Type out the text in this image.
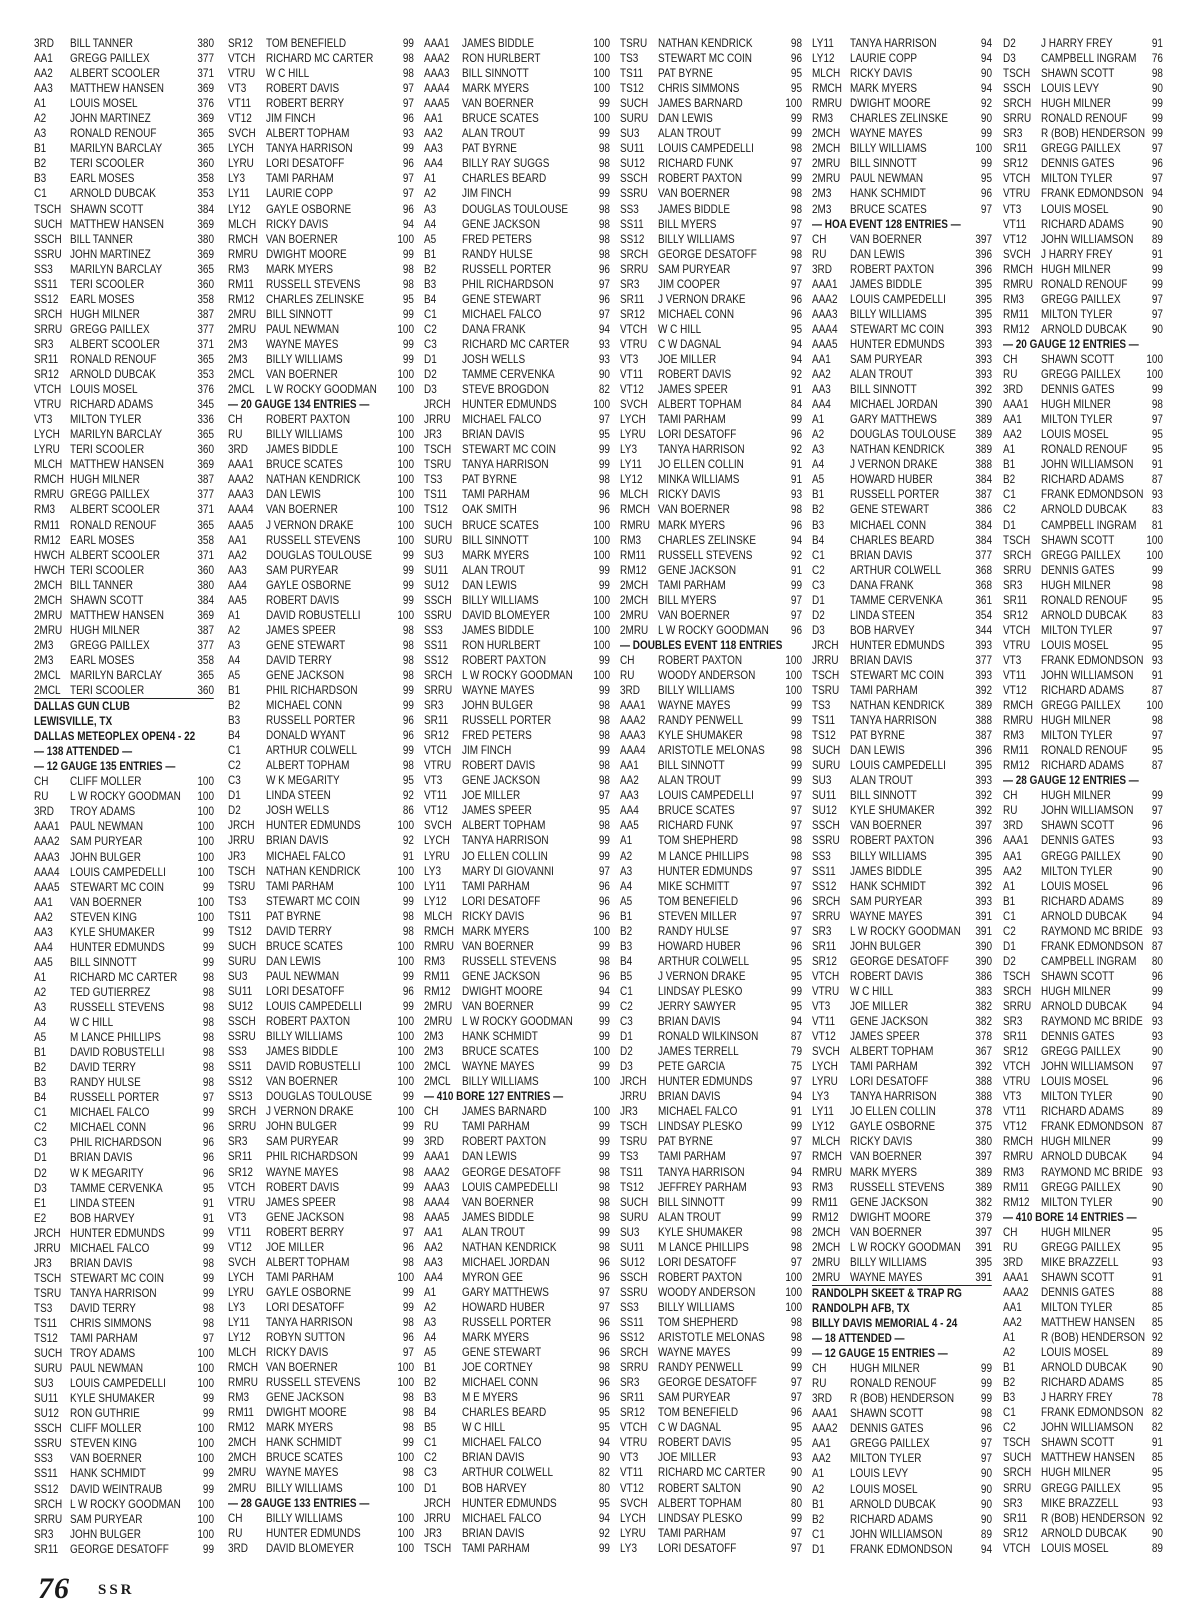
3RD	BILL TANNER	380
AA1	GREGG PAILLEX	377
AA2	ALBERT SCOOLER	371
AA3	MATTHEW HANSEN	369
A1	LOUIS MOSEL	376
A2	JOHN MARTINEZ	369
A3	RONALD RENOUF	365
B1	MARILYN BARCLAY	365
B2	TERI SCOOLER	360
B3	EARL MOSES	358
C1	ARNOLD DUBCAK	353
TSCH SHAWN SCOTT	384
SUCH MATTHEW HANSEN	369
SSCH BILL TANNER	380
SSRU JOHN MARTINEZ	369
SS3	MARILYN BARCLAY	365
SS11	TERI SCOOLER	360
SS12 EARL MOSES	358
SRCH HUGH MILNER	387
SRRU GREGG PAILLEX	377
SR3	ALBERT SCOOLER	371
SR11	RONALD RENOUF	365
SR12 ARNOLD DUBCAK	353
VTCH LOUIS MOSEL	376
VTRU RICHARD ADAMS	345
VT3	MILTON TYLER	336
LYCH MARILYN BARCLAY	365
LYRU TERI SCOOLER	360
MLCH MATTHEW HANSEN	369
RMCH HUGH MILNER	387
RMRU GREGG PAILLEX	377
RM3	ALBERT SCOOLER	371
RM11 RONALD RENOUF	365
RM12 EARL MOSES	358
HWCH ALBERT SCOOLER	371
HWCH TERI SCOOLER	360
2MCH BILL TANNER	380
2MCH SHAWN SCOTT	384
2MRU MATTHEW HANSEN	369
2MRU HUGH MILNER	387
2M3	GREGG PAILLEX	377
2M3	EARL MOSES	358
2MCL MARILYN BARCLAY	365
2MCL TERI SCOOLER	360
DALLAS GUN CLUB
LEWISVILLE, TX
DALLAS METEOPLEX OPEN4 - 22
— 138 ATTENDED —
— 12 GAUGE 135 ENTRIES —
CH	CLIFF MOLLER	100
RU	L W ROCKY GOODMAN	100
3RD	TROY ADAMS	100
AAA1 PAUL NEWMAN	100
AAA2 SAM PURYEAR	100
AAA3 JOHN BULGER	100
AAA4 LOUIS CAMPEDELLI	100
AAA5 STEWART MC COIN	99
AA1	VAN BOERNER	100
AA2	STEVEN KING	100
AA3	KYLE SHUMAKER	99
AA4	HUNTER EDMUNDS	99
AA5	BILL SINNOTT	99
A1	RICHARD MC CARTER	98
A2	TED GUTIERREZ	98
A3	RUSSELL STEVENS	98
A4	W C HILL	98
A5	M LANCE PHILLIPS	98
B1	DAVID ROBUSTELLI	98
B2	DAVID TERRY	98
B3	RANDY HULSE	98
B4	RUSSELL PORTER	97
C1	MICHAEL FALCO	99
C2	MICHAEL CONN	96
C3	PHIL RICHARDSON	96
D1	BRIAN DAVIS	96
D2	W K MEGARITY	96
D3	TAMME CERVENKA	95
E1	LINDA STEEN	91
E2	BOB HARVEY	91
JRCH HUNTER EDMUNDS	99
JRRU MICHAEL FALCO	99
JR3	BRIAN DAVIS	98
TSCH STEWART MC COIN	99
TSRU TANYA HARRISON	99
TS3	DAVID TERRY	98
TS11	CHRIS SIMMONS	98
TS12	TAMI PARHAM	97
SUCH TROY ADAMS	100
SURU PAUL NEWMAN	100
SU3	LOUIS CAMPEDELLI	100
SU11	KYLE SHUMAKER	99
SU12 RON GUTHRIE	99
SSCH CLIFF MOLLER	100
SSRU STEVEN KING	100
SS3	VAN BOERNER	100
SS11	HANK SCHMIDT	99
SS12 DAVID WEINTRAUB	99
SRCH L W ROCKY GOODMAN	100
SRRU SAM PURYEAR	100
SR3	JOHN BULGER	100
SR11	GEORGE DESATOFF	99
SR12	TOM BENEFIELD	99
VTCH RICHARD MC CARTER	98
VTRU W C HILL	98
VT3	ROBERT DAVIS	97
VT11	ROBERT BERRY	97
VT12	JIM FINCH	96
SVCH ALBERT TOPHAM	93
LYCH	TANYA HARRISON	99
LYRU	LORI DESATOFF	96
LY3	TAMI PARHAM	97
LY11	LAURIE COPP	97
LY12	GAYLE OSBORNE	96
MLCH RICKY DAVIS	94
RMCH VAN BOERNER	100
RMRU DWIGHT MOORE	99
RM3	MARK MYERS	98
RM11	RUSSELL STEVENS	98
RM12 CHARLES ZELINSKE	95
2MRU BILL SINNOTT	99
2MRU PAUL NEWMAN	100
2M3	WAYNE MAYES	99
2M3	BILLY WILLIAMS	99
2MCL VAN BOERNER	100
2MCL L W ROCKY GOODMAN	100
— 20 GAUGE 134 ENTRIES —
CH	ROBERT PAXTON	100
RU	BILLY WILLIAMS	100
3RD	JAMES BIDDLE	100
AAA1	BRUCE SCATES	100
AAA2	NATHAN KENDRICK	100
AAA3	DAN LEWIS	100
AAA4	VAN BOERNER	100
AAA5	J VERNON DRAKE	100
AA1	RUSSELL STEVENS	100
AA2	DOUGLAS TOULOUSE	99
AA3	SAM PURYEAR	99
AA4	GAYLE OSBORNE	99
AA5	ROBERT DAVIS	99
A1	DAVID ROBUSTELLI	100
A2	JAMES SPEER	98
A3	GENE STEWART	98
A4	DAVID TERRY	98
A5	GENE JACKSON	98
B1	PHIL RICHARDSON	99
B2	MICHAEL CONN	99
B3	RUSSELL PORTER	96
B4	DONALD WYANT	96
C1	ARTHUR COLWELL	99
C2	ALBERT TOPHAM	98
C3	W K MEGARITY	95
D1	LINDA STEEN	92
D2	JOSH WELLS	86
JRCH HUNTER EDMUNDS	100
JRRU BRIAN DAVIS	92
JR3	MICHAEL FALCO	91
TSCH NATHAN KENDRICK	100
TSRU TAMI PARHAM	100
TS3	STEWART MC COIN	99
TS11	PAT BYRNE	98
TS12	DAVID TERRY	98
SUCH BRUCE SCATES	100
SURU DAN LEWIS	100
SU3	PAUL NEWMAN	99
SU11	LORI DESATOFF	96
SU12	LOUIS CAMPEDELLI	99
SSCH ROBERT PAXTON	100
SSRU BILLY WILLIAMS	100
SS3	JAMES BIDDLE	100
SS11	DAVID ROBUSTELLI	100
SS12	VAN BOERNER	100
SS13	DOUGLAS TOULOUSE	99
SRCH J VERNON DRAKE	100
SRRU JOHN BULGER	99
SR3	SAM PURYEAR	99
SR11	PHIL RICHARDSON	99
SR12	WAYNE MAYES	98
VTCH ROBERT DAVIS	99
VTRU JAMES SPEER	98
VT3	GENE JACKSON	98
VT11	ROBERT BERRY	97
VT12	JOE MILLER	96
SVCH ALBERT TOPHAM	98
LYCH	TAMI PARHAM	100
LYRU	GAYLE OSBORNE	99
LY3	LORI DESATOFF	99
LY11	TANYA HARRISON	98
LY12	ROBYN SUTTON	96
MLCH RICKY DAVIS	97
RMCH VAN BOERNER	100
RMRU RUSSELL STEVENS	100
RM3	GENE JACKSON	98
RM11	DWIGHT MOORE	98
RM12 MARK MYERS	98
2MCH HANK SCHMIDT	99
2MCH BRUCE SCATES	100
2MRU WAYNE MAYES	98
2MRU BILLY WILLIAMS	100
— 28 GAUGE 133 ENTRIES —
CH	BILLY WILLIAMS	100
RU	HUNTER EDMUNDS	100
3RD	DAVID BLOMEYER	100
AAA1	JAMES BIDDLE	100
AAA2	RON HURLBERT	100
AAA3	BILL SINNOTT	100
AAA4	MARK MYERS	100
AAA5	VAN BOERNER	99
AA1	BRUCE SCATES	100
AA2	ALAN TROUT	99
AA3	PAT BYRNE	98
AA4	BILLY RAY SUGGS	98
A1	CHARLES BEARD	99
A2	JIM FINCH	99
A3	DOUGLAS TOULOUSE	98
A4	GENE JACKSON	98
A5	FRED PETERS	98
B1	RANDY HULSE	98
B2	RUSSELL PORTER	96
B3	PHIL RICHARDSON	97
B4	GENE STEWART	96
C1	MICHAEL FALCO	97
C2	DANA FRANK	94
C3	RICHARD MC CARTER	93
D1	JOSH WELLS	93
D2	TAMME CERVENKA	90
D3	STEVE BROGDON	82
JRCH HUNTER EDMUNDS	100
JRRU MICHAEL FALCO	97
JR3	BRIAN DAVIS	95
TSCH STEWART MC COIN	99
TSRU TANYA HARRISON	99
TS3	PAT BYRNE	98
TS11	TAMI PARHAM	96
TS12	OAK SMITH	96
SUCH BRUCE SCATES	100
SURU BILL SINNOTT	100
SU3	MARK MYERS	100
SU11	ALAN TROUT	99
SU12	DAN LEWIS	99
SSCH BILLY WILLIAMS	100
SSRU DAVID BLOMEYER	100
SS3	JAMES BIDDLE	100
SS11	RON HURLBERT	100
SS12	ROBERT PAXTON	99
SRCH L W ROCKY GOODMAN	100
SRRU WAYNE MAYES	99
SR3	JOHN BULGER	98
SR11	RUSSELL PORTER	98
SR12	FRED PETERS	98
VTCH JIM FINCH	99
VTRU ROBERT DAVIS	98
VT3	GENE JACKSON	98
VT11	JOE MILLER	97
VT12	JAMES SPEER	95
SVCH ALBERT TOPHAM	98
LYCH	TANYA HARRISON	99
LYRU	JO ELLEN COLLIN	99
LY3	MARY DI GIOVANNI	97
LY11	TAMI PARHAM	96
LY12	LORI DESATOFF	96
MLCH RICKY DAVIS	96
RMCH MARK MYERS	100
RMRU VAN BOERNER	99
RM3	RUSSELL STEVENS	98
RM11	GENE JACKSON	96
RM12 DWIGHT MOORE	94
2MRU VAN BOERNER	99
2MRU L W ROCKY GOODMAN	99
2M3	HANK SCHMIDT	99
2M3	BRUCE SCATES	100
2MCL WAYNE MAYES	99
2MCL BILLY WILLIAMS	100
— 410 BORE 127 ENTRIES —
CH	JAMES BARNARD	100
RU	TAMI PARHAM	99
3RD	ROBERT PAXTON	99
AAA1	DAN LEWIS	99
AAA2	GEORGE DESATOFF	98
AAA3	LOUIS CAMPEDELLI	98
AAA4	VAN BOERNER	98
AAA5	JAMES BIDDLE	98
AA1	ALAN TROUT	99
AA2	NATHAN KENDRICK	98
AA3	MICHAEL JORDAN	96
AA4	MYRON GEE	96
A1	GARY MATTHEWS	97
A2	HOWARD HUBER	97
A3	RUSSELL PORTER	96
A4	MARK MYERS	96
A5	GENE STEWART	96
B1	JOE CORTNEY	98
B2	MICHAEL CONN	96
B3	M E MYERS	96
B4	CHARLES BEARD	95
B5	W C HILL	95
C1	MICHAEL FALCO	94
C2	BRIAN DAVIS	90
C3	ARTHUR COLWELL	82
D1	BOB HARVEY	80
JRCH HUNTER EDMUNDS	95
JRRU MICHAEL FALCO	94
JR3	BRIAN DAVIS	92
TSCH TAMI PARHAM	99
TSRU NATHAN KENDRICK	98
TS3	STEWART MC COIN	96
TS11	PAT BYRNE	95
TS12	CHRIS SIMMONS	95
SUCH JAMES BARNARD	100
SURU DAN LEWIS	99
SU3	ALAN TROUT	99
SU11	LOUIS CAMPEDELLI	98
SU12	RICHARD FUNK	97
SSCH ROBERT PAXTON	99
SSRU VAN BOERNER	98
SS3	JAMES BIDDLE	98
SS11	BILL MYERS	97
SS12	BILLY WILLIAMS	97
SRCH GEORGE DESATOFF	98
SRRU SAM PURYEAR	97
SR3	JIM COOPER	97
SR11	J VERNON DRAKE	96
SR12	MICHAEL CONN	96
VTCH W C HILL	95
VTRU C W DAGNAL	94
VT3	JOE MILLER	94
VT11	ROBERT DAVIS	92
VT12	JAMES SPEER	91
SVCH ALBERT TOPHAM	84
LYCH	TAMI PARHAM	99
LYRU	LORI DESATOFF	96
LY3	TANYA HARRISON	92
LY11	JO ELLEN COLLIN	91
LY12	MINKA WILLIAMS	91
MLCH RICKY DAVIS	93
RMCH VAN BOERNER	98
RMRU MARK MYERS	96
RM3	CHARLES ZELINSKE	94
RM11	RUSSELL STEVENS	92
RM12 GENE JACKSON	91
2MCH TAMI PARHAM	99
2MCH BILL MYERS	97
2MRU VAN BOERNER	97
2MRU L W ROCKY GOODMAN	96
— DOUBLES EVENT 118 ENTRIES
CH	ROBERT PAXTON	100
RU	WOODY ANDERSON	100
3RD	BILLY WILLIAMS	100
AAA1	WAYNE MAYES	99
AAA2	RANDY PENWELL	99
AAA3	KYLE SHUMAKER	98
AAA4	ARISTOTLE MELONAS	98
AA1	BILL SINNOTT	99
AA2	ALAN TROUT	99
AA3	LOUIS CAMPEDELLI	97
AA4	BRUCE SCATES	97
AA5	RICHARD FUNK	97
A1	TOM SHEPHERD	98
A2	M LANCE PHILLIPS	98
A3	HUNTER EDMUNDS	97
A4	MIKE SCHMITT	97
A5	TOM BENEFIELD	96
B1	STEVEN MILLER	97
B2	RANDY HULSE	97
B3	HOWARD HUBER	96
B4	ARTHUR COLWELL	95
B5	J VERNON DRAKE	95
C1	LINDSAY PLESKO	99
C2	JERRY SAWYER	95
C3	BRIAN DAVIS	94
D1	RONALD WILKINSON	87
D2	JAMES TERRELL	79
D3	PETE GARCIA	75
JRCH HUNTER EDMUNDS	97
JRRU BRIAN DAVIS	94
JR3	MICHAEL FALCO	91
TSCH LINDSAY PLESKO	99
TSRU PAT BYRNE	97
TS3	TAMI PARHAM	97
TS11	TANYA HARRISON	94
TS12	JEFFREY PARHAM	93
SUCH BILL SINNOTT	99
SURU ALAN TROUT	99
SU3	KYLE SHUMAKER	98
SU11	M LANCE PHILLIPS	98
SU12	LORI DESATOFF	97
SSCH ROBERT PAXTON	100
SSRU WOODY ANDERSON	100
SS3	BILLY WILLIAMS	100
SS11	TOM SHEPHERD	98
SS12	ARISTOTLE MELONAS	98
SRCH WAYNE MAYES	99
SRRU RANDY PENWELL	99
SR3	GEORGE DESATOFF	97
SR11	SAM PURYEAR	97
SR12	TOM BENEFIELD	96
VTCH C W DAGNAL	95
VTRU ROBERT DAVIS	95
VT3	JOE MILLER	93
VT11	RICHARD MC CARTER	90
VT12	ROBERT SALTON	90
SVCH ALBERT TOPHAM	80
LYCH	LINDSAY PLESKO	99
LYRU	TAMI PARHAM	97
LY3	LORI DESATOFF	97
LY11	TANYA HARRISON	94
LY12	LAURIE COPP	94
MLCH RICKY DAVIS	90
RMCH MARK MYERS	94
RMRU DWIGHT MOORE	92
RM3	CHARLES ZELINSKE	90
2MCH WAYNE MAYES	99
2MCH BILLY WILLIAMS	100
2MRU BILL SINNOTT	99
2MRU PAUL NEWMAN	95
2M3	HANK SCHMIDT	96
2M3	BRUCE SCATES	97
— HOA EVENT 128 ENTRIES —
CH	VAN BOERNER	397
RU	DAN LEWIS	396
3RD	ROBERT PAXTON	396
AAA1	JAMES BIDDLE	395
AAA2	LOUIS CAMPEDELLI	395
AAA3	BILLY WILLIAMS	395
AAA4	STEWART MC COIN	393
AAA5	HUNTER EDMUNDS	393
AA1	SAM PURYEAR	393
AA2	ALAN TROUT	393
AA3	BILL SINNOTT	392
AA4	MICHAEL JORDAN	390
A1	GARY MATTHEWS	389
A2	DOUGLAS TOULOUSE	389
A3	NATHAN KENDRICK	389
A4	J VERNON DRAKE	388
A5	HOWARD HUBER	384
B1	RUSSELL PORTER	387
B2	GENE STEWART	386
B3	MICHAEL CONN	384
B4	CHARLES BEARD	384
C1	BRIAN DAVIS	377
C2	ARTHUR COLWELL	368
C3	DANA FRANK	368
D1	TAMME CERVENKA	361
D2	LINDA STEEN	354
D3	BOB HARVEY	344
JRCH HUNTER EDMUNDS	393
JRRU BRIAN DAVIS	377
TSCH STEWART MC COIN	393
TSRU TAMI PARHAM	392
TS3	NATHAN KENDRICK	389
TS11	TANYA HARRISON	388
TS12	PAT BYRNE	387
SUCH DAN LEWIS	396
SURU LOUIS CAMPEDELLI	395
SU3	ALAN TROUT	393
SU11	BILL SINNOTT	392
SU12	KYLE SHUMAKER	392
SSCH VAN BOERNER	397
SSRU ROBERT PAXTON	396
SS3	BILLY WILLIAMS	395
SS11	JAMES BIDDLE	395
SS12	HANK SCHMIDT	392
SRCH SAM PURYEAR	393
SRRU WAYNE MAYES	391
SR3	L W ROCKY GOODMAN	391
SR11	JOHN BULGER	390
SR12	GEORGE DESATOFF	390
VTCH ROBERT DAVIS	386
VTRU W C HILL	383
VT3	JOE MILLER	382
VT11	GENE JACKSON	382
VT12	JAMES SPEER	378
SVCH ALBERT TOPHAM	367
LYCH	TAMI PARHAM	392
LYRU	LORI DESATOFF	388
LY3	TANYA HARRISON	388
LY11	JO ELLEN COLLIN	378
LY12	GAYLE OSBORNE	375
MLCH RICKY DAVIS	380
RMCH VAN BOERNER	397
RMRU MARK MYERS	389
RM3	RUSSELL STEVENS	389
RM11	GENE JACKSON	382
RM12 DWIGHT MOORE	379
2MCH VAN BOERNER	397
2MCH L W ROCKY GOODMAN	391
2MRU BILLY WILLIAMS	395
2MRU WAYNE MAYES	391
RANDOLPH SKEET & TRAP RG
RANDOLPH AFB, TX
BILLY DAVIS MEMORIAL 4 - 24
— 18 ATTENDED —
— 12 GAUGE 15 ENTRIES —
CH	HUGH MILNER	99
RU	RONALD RENOUF	99
3RD	R (BOB) HENDERSON	99
AAA1	SHAWN SCOTT	98
AAA2	DENNIS GATES	96
AA1	GREGG PAILLEX	97
AA2	MILTON TYLER	97
A1	LOUIS LEVY	90
A2	LOUIS MOSEL	90
B1	ARNOLD DUBCAK	90
B2	RICHARD ADAMS	90
C1	JOHN WILLIAMSON	89
D1	FRANK EDMONDSON	94
D2	J HARRY FREY	91
D3	CAMPBELL INGRAM	76
TSCH SHAWN SCOTT	98
SSCH LOUIS LEVY	90
SRCH HUGH MILNER	99
SRRU RONALD RENOUF	99
SR3	R (BOB) HENDERSON 99
SR11	GREGG PAILLEX	97
SR12	DENNIS GATES	96
VTCH MILTON TYLER	97
VTRU FRANK EDMONDSON 94
VT3	LOUIS MOSEL	90
VT11	RICHARD ADAMS	90
VT12	JOHN WILLIAMSON	89
SVCH J HARRY FREY	91
RMCH HUGH MILNER	99
RMRU RONALD RENOUF	99
RM3	GREGG PAILLEX	97
RM11	MILTON TYLER	97
RM12 ARNOLD DUBCAK	90
— 20 GAUGE 12 ENTRIES —
CH	SHAWN SCOTT	100
RU	GREGG PAILLEX	100
3RD	DENNIS GATES	99
AAA1	HUGH MILNER	98
AA1	MILTON TYLER	97
AA2	LOUIS MOSEL	95
A1	RONALD RENOUF	95
B1	JOHN WILLIAMSON	91
B2	RICHARD ADAMS	87
C1	FRANK EDMONDSON 93
C2	ARNOLD DUBCAK	83
D1	CAMPBELL INGRAM	81
TSCH SHAWN SCOTT	100
SRCH GREGG PAILLEX	100
SRRU DENNIS GATES	99
SR3	HUGH MILNER	98
SR11	RONALD RENOUF	95
SR12	ARNOLD DUBCAK	83
VTCH MILTON TYLER	97
VTRU LOUIS MOSEL	95
VT3	FRANK EDMONDSON 93
VT11	JOHN WILLIAMSON	91
VT12	RICHARD ADAMS	87
RMCH GREGG PAILLEX	100
RMRU HUGH MILNER	98
RM3	MILTON TYLER	97
RM11	RONALD RENOUF	95
RM12 RICHARD ADAMS	87
— 28 GAUGE 12 ENTRIES —
CH	HUGH MILNER	99
RU	JOHN WILLIAMSON	97
3RD	SHAWN SCOTT	96
AAA1	DENNIS GATES	93
AA1	GREGG PAILLEX	90
AA2	MILTON TYLER	90
A1	LOUIS MOSEL	96
B1	RICHARD ADAMS	89
C1	ARNOLD DUBCAK	94
C2	RAYMOND MC BRIDE 93
D1	FRANK EDMONDSON 87
D2	CAMPBELL INGRAM	80
TSCH SHAWN SCOTT	96
SRCH HUGH MILNER	99
SRRU ARNOLD DUBCAK	94
SR3	RAYMOND MC BRIDE 93
SR11	DENNIS GATES	93
SR12	GREGG PAILLEX	90
VTCH JOHN WILLIAMSON	97
VTRU LOUIS MOSEL	96
VT3	MILTON TYLER	90
VT11	RICHARD ADAMS	89
VT12	FRANK EDMONDSON 87
RMCH HUGH MILNER	99
RMRU ARNOLD DUBCAK	94
RM3	RAYMOND MC BRIDE 93
RM11	GREGG PAILLEX	90
RM12 MILTON TYLER	90
— 410 BORE 14 ENTRIES —
CH	HUGH MILNER	95
RU	GREGG PAILLEX	95
3RD	MIKE BRAZZELL	93
AAA1	SHAWN SCOTT	91
AAA2	DENNIS GATES	88
AA1	MILTON TYLER	85
AA2	MATTHEW HANSEN	85
A1	R (BOB) HENDERSON 92
A2	LOUIS MOSEL	89
B1	ARNOLD DUBCAK	90
B2	RICHARD ADAMS	85
B3	J HARRY FREY	78
C1	FRANK EDMONDSON 82
C2	JOHN WILLIAMSON	82
TSCH SHAWN SCOTT	91
SUCH MATTHEW HANSEN	85
SRCH HUGH MILNER	95
SRRU GREGG PAILLEX	95
SR3	MIKE BRAZZELL	93
SR11	R (BOB) HENDERSON 92
SR12	ARNOLD DUBCAK	90
VTCH LOUIS MOSEL	89
76 SSR
